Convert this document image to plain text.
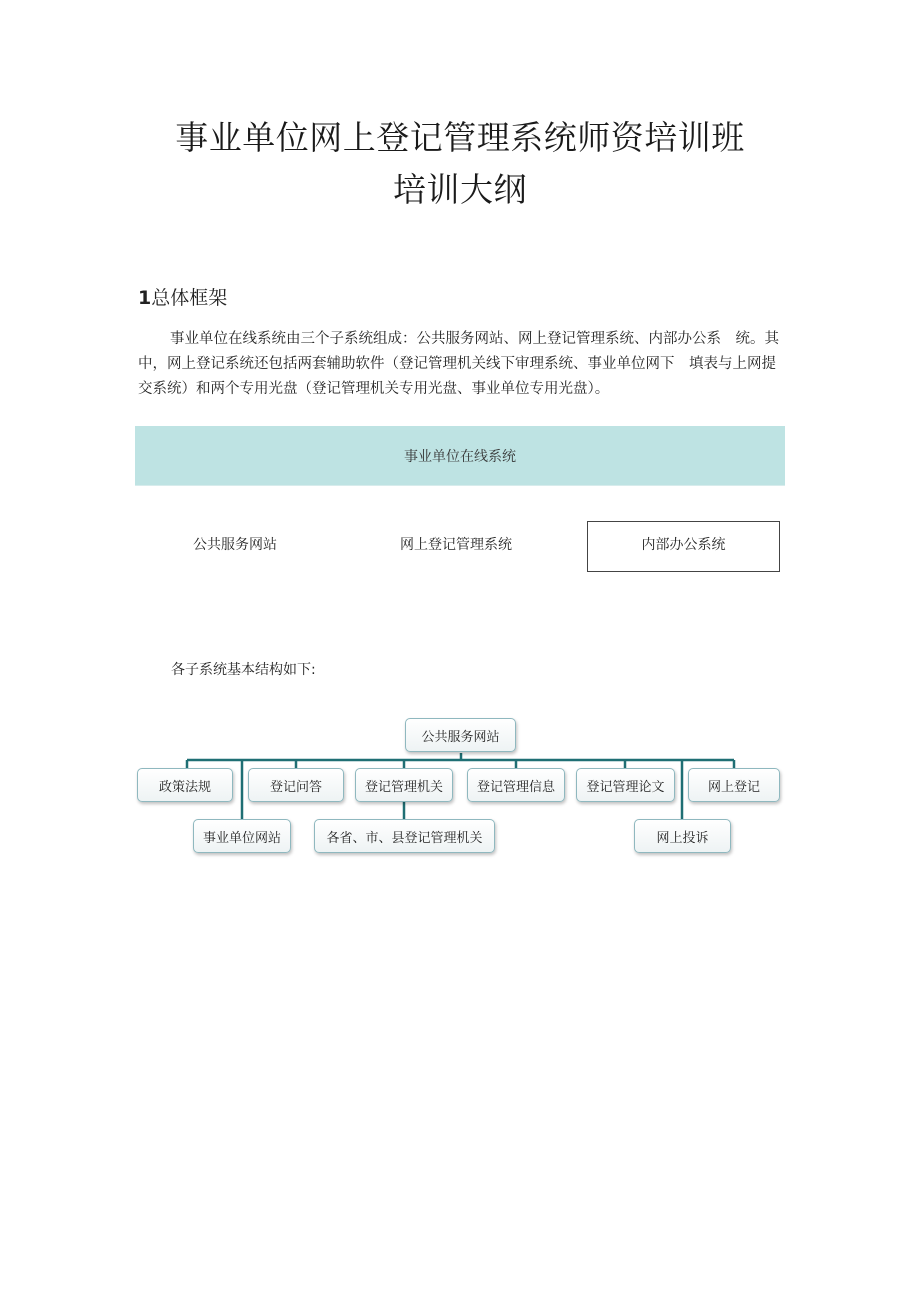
事业单位网上登记管理系统师资培训班
培训大纲
1总体框架

事业单位在线系统由三个子系统组成：公共服务网站、网上登记管理系统、内部办公系　统。其中，网上登记系统还包括两套辅助软件（登记管理机关线下审理系统、事业单位网下　填表与上网提交系统）和两个专用光盘（登记管理机关专用光盘、事业单位专用光盘）。

事业单位在线系统
公共服务网站	网上登记管理系统	内部办公系统

各子系统基本结构如下:

公共服务网站
政策法规	登记问答	登记管理机关	登记管理信息	登记管理论文	网上登记
事业单位网站	各省、市、县登记管理机关	网上投诉
